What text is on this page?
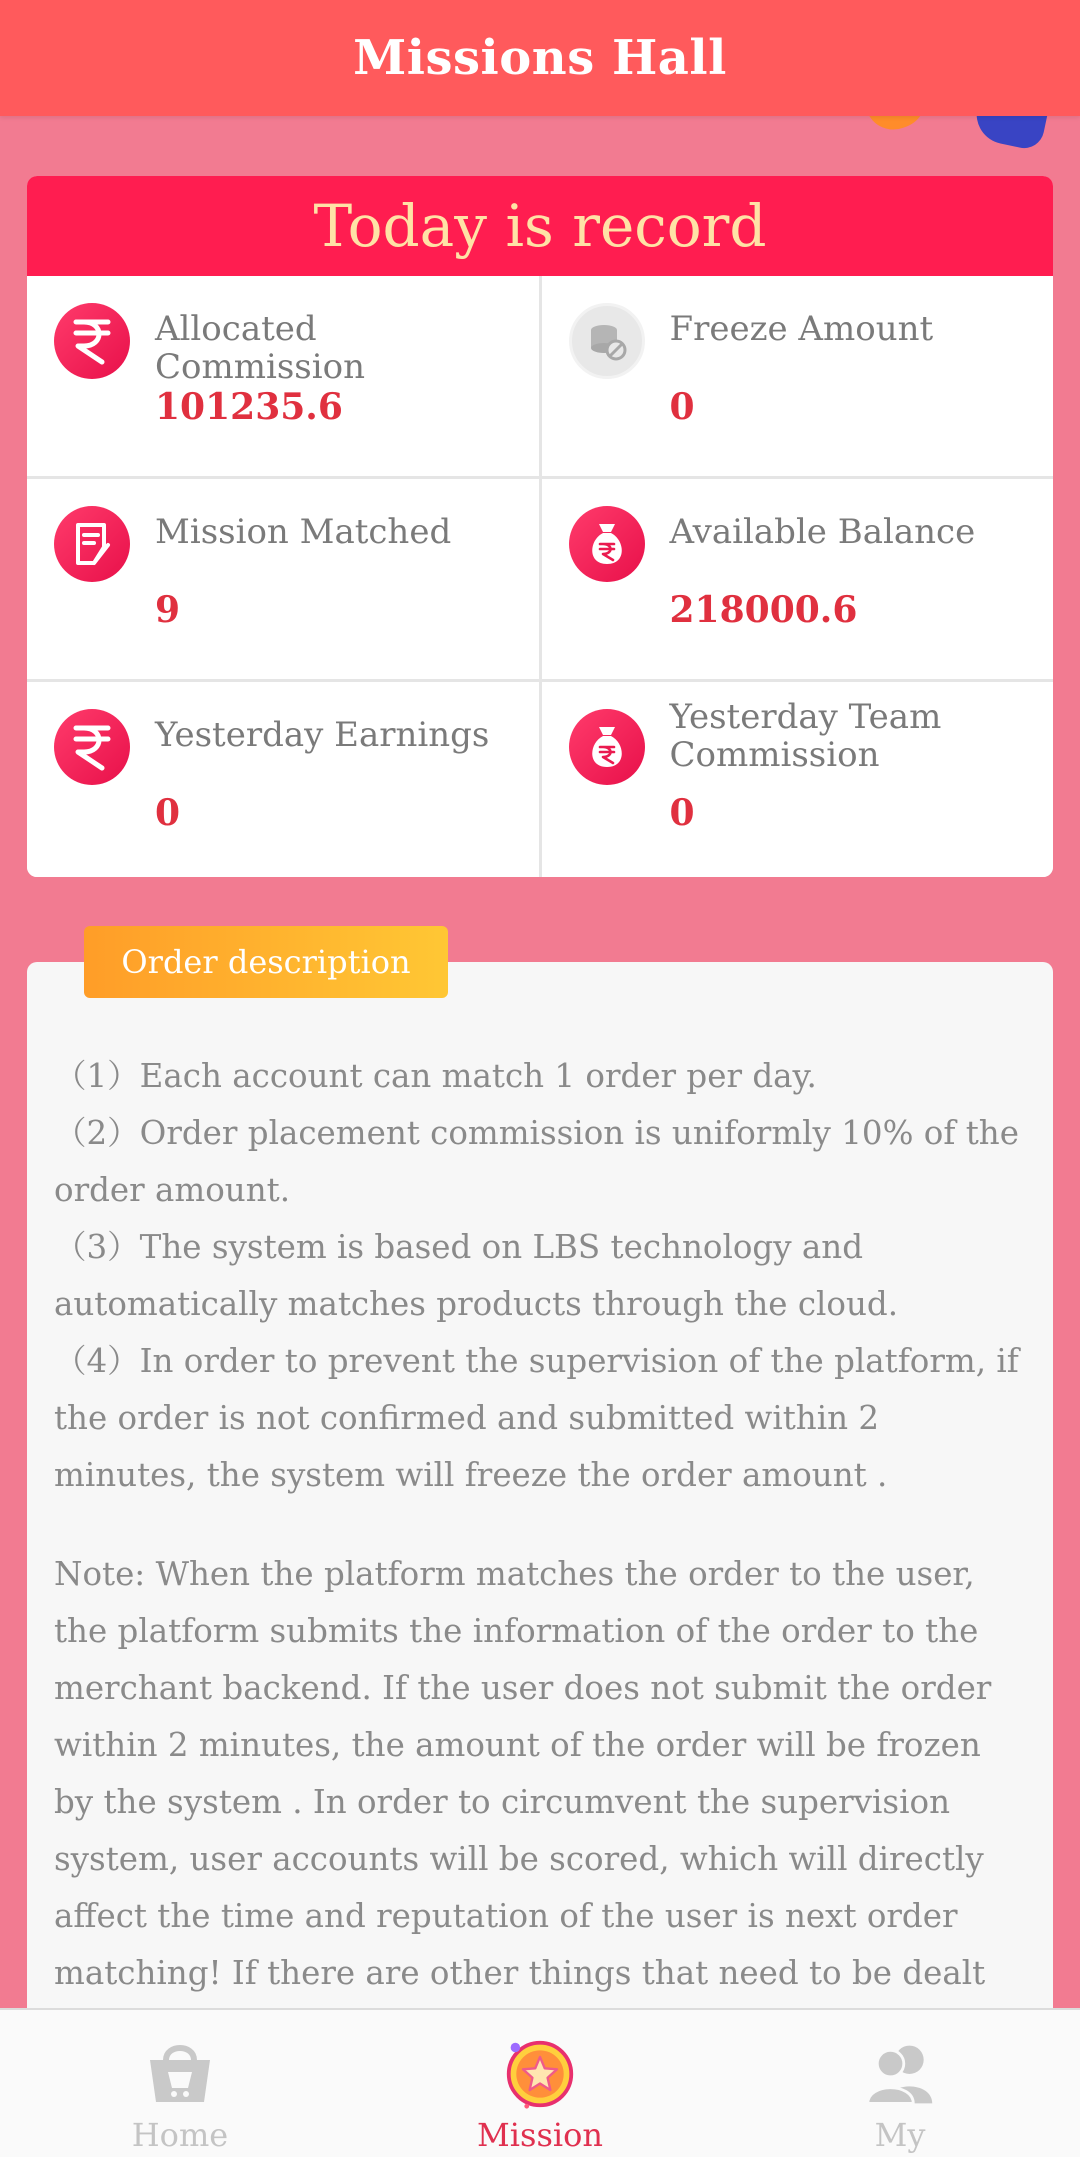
Missions Hall
Today is record
Allocated Commission
101235.6
Freeze Amount
0
Mission Matched
9
Available Balance
218000.6
Yesterday Earnings
0
Yesterday Team Commission
0
Order description

（1）Each account can match 1 order per day.

（2）Order placement commission is uniformly 10% of the order amount.

（3）The system is based on LBS technology and automatically matches products through the cloud.

（4）In order to prevent the supervision of the platform, if the order is not confirmed and submitted within 2 minutes, the system will freeze the order amount .

Note: When the platform matches the order to the user, the platform submits the information of the order to the merchant backend. If the user does not submit the order within 2 minutes, the amount of the order will be frozen by the system . In order to circumvent the supervision system, user accounts will be scored, which will directly affect the time and reputation of the user is next order matching! If there are other things that need to be dealt

Home	Mission	My
